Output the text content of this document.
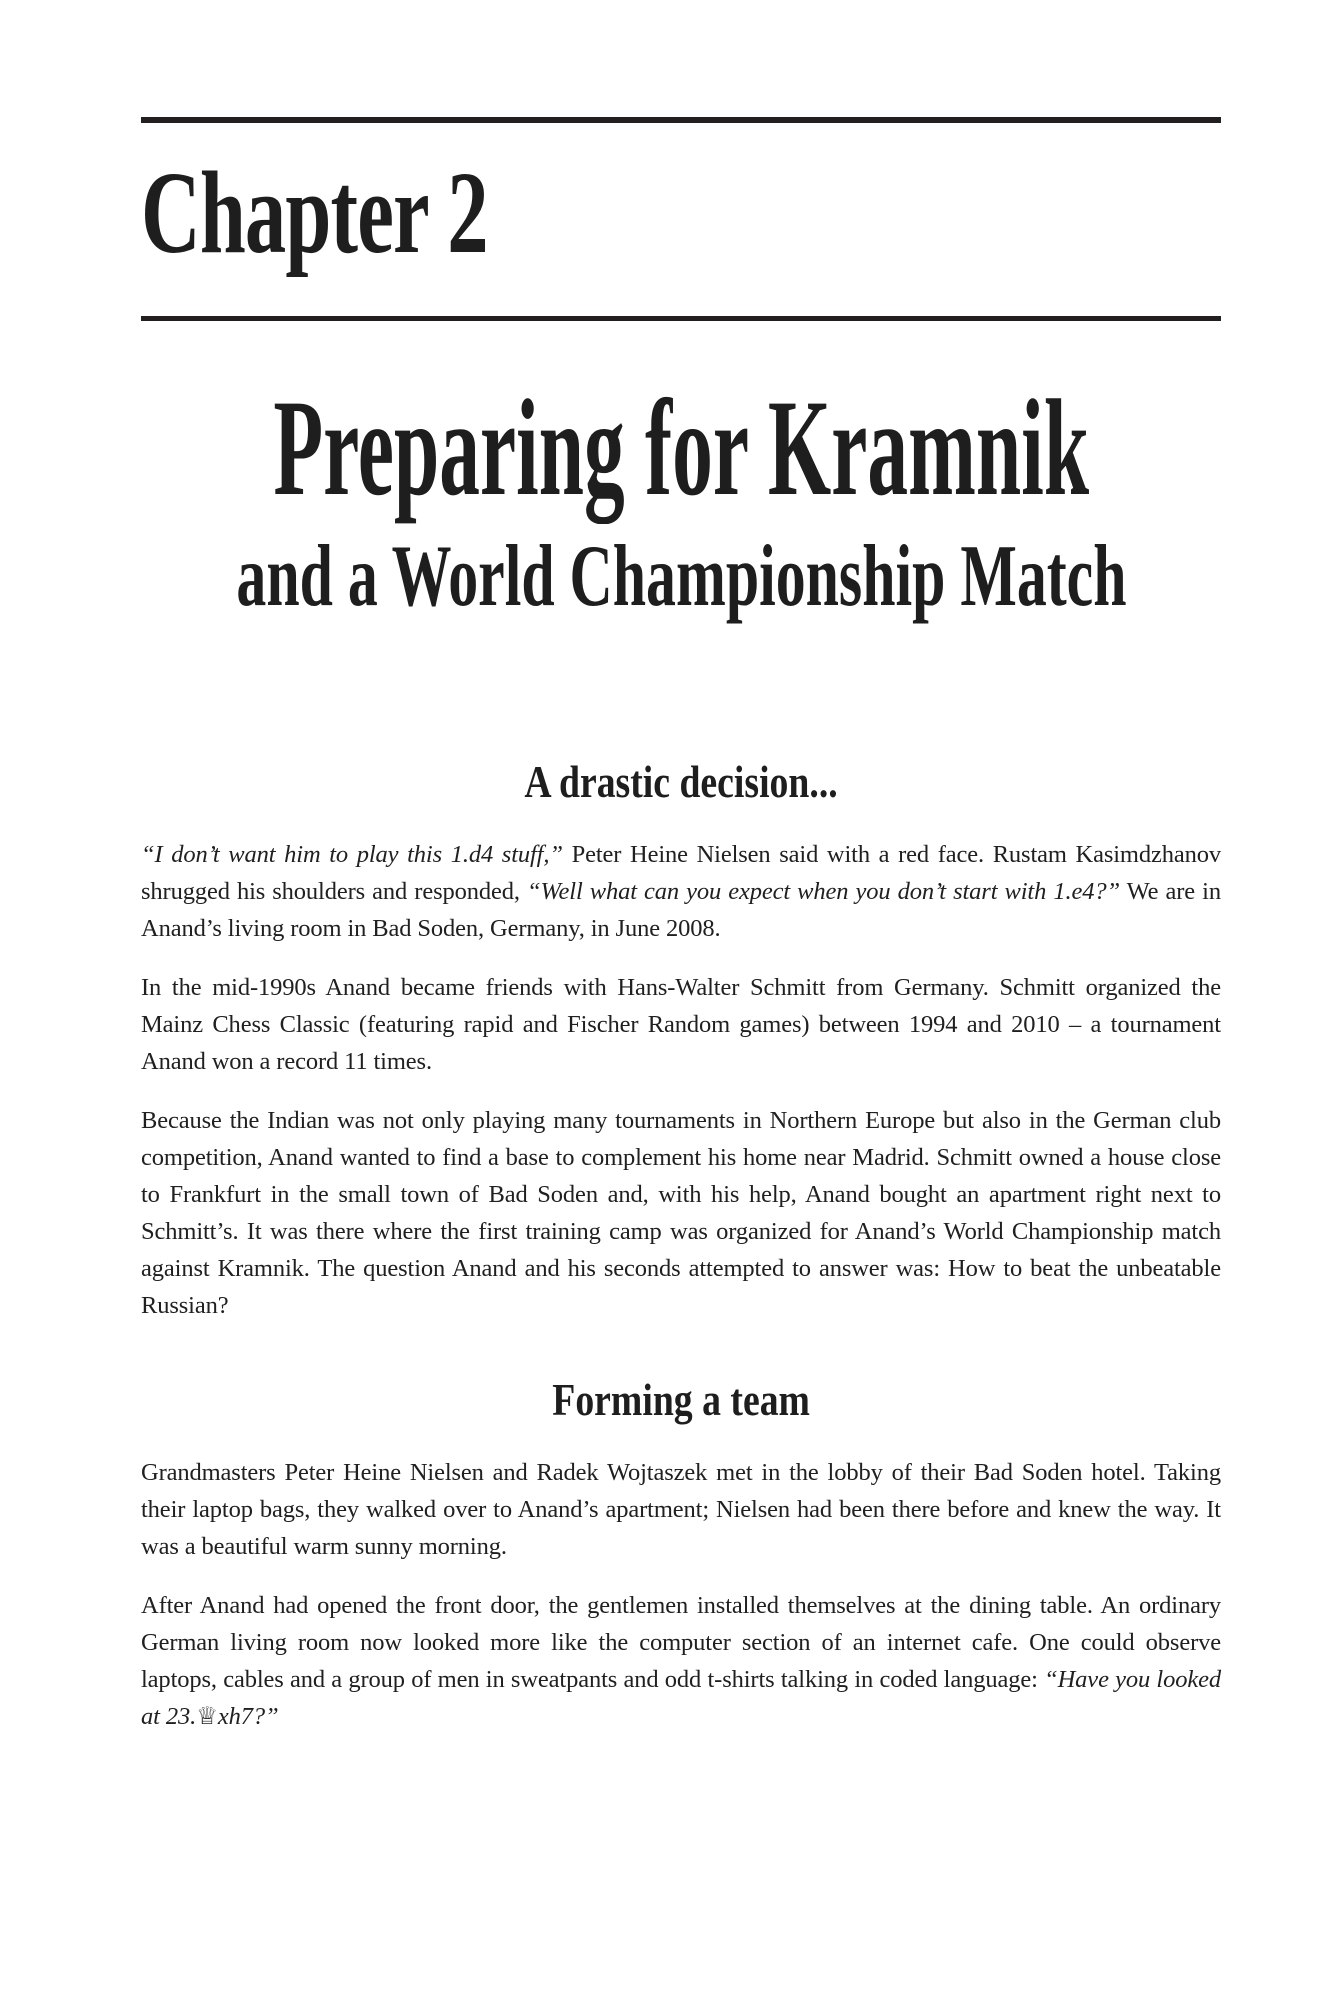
Chapter 2
Preparing for Kramnik
and a World Championship Match
A drastic decision...

“I don’t want him to play this 1.d4 stuff,” Peter Heine Nielsen said with a red face. Rustam Kasimdzhanov shrugged his shoulders and responded, “Well what can you expect when you don’t start with 1.e4?” We are in Anand’s living room in Bad Soden, Germany, in June 2008.

In the mid-1990s Anand became friends with Hans-Walter Schmitt from Germany. Schmitt organized the Mainz Chess Classic (featuring rapid and Fischer Random games) between 1994 and 2010 – a tournament Anand won a record 11 times.

Because the Indian was not only playing many tournaments in Northern Europe but also in the German club competition, Anand wanted to find a base to complement his home near Madrid. Schmitt owned a house close to Frankfurt in the small town of Bad Soden and, with his help, Anand bought an apartment right next to Schmitt’s. It was there where the first training camp was organized for Anand’s World Championship match against Kramnik. The question Anand and his seconds attempted to answer was: How to beat the unbeatable Russian?

Forming a team

Grandmasters Peter Heine Nielsen and Radek Wojtaszek met in the lobby of their Bad Soden hotel. Taking their laptop bags, they walked over to Anand’s apartment; Nielsen had been there before and knew the way. It was a beautiful warm sunny morning.

After Anand had opened the front door, the gentlemen installed themselves at the dining table. An ordinary German living room now looked more like the computer section of an internet cafe. One could observe laptops, cables and a group of men in sweatpants and odd t-shirts talking in coded language: “Have you looked at 23.♕xh7?”
